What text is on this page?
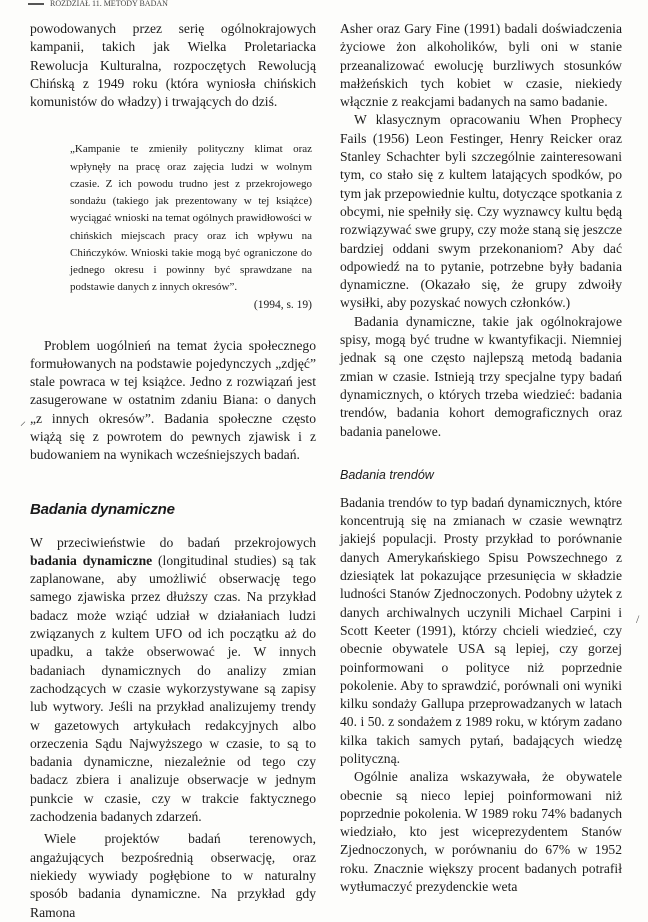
ROZDZIAŁ 11. METODY BADAŃ

powodowanych przez serię ogólnokrajowych kampanii, takich jak Wielka Proletariacka Rewolucja Kulturalna, rozpoczętych Rewolucją Chińską z 1949 roku (która wyniosła chińskich komunistów do władzy) i trwających do dziś.

„Kampanie te zmieniły polityczny klimat oraz wpłynęły na pracę oraz zajęcia ludzi w wolnym czasie. Z ich powodu trudno jest z przekrojowego sondażu (takiego jak prezentowany w tej książce) wyciągać wnioski na temat ogólnych prawidłowości w chińskich miejscach pracy oraz ich wpływu na Chińczyków. Wnioski takie mogą być ograniczone do jednego okresu i powinny być sprawdzane na podstawie danych z innych okresów”.

(1994, s. 19)

Problem uogólnień na temat życia społecznego formułowanych na podstawie pojedynczych „zdjęć” stale powraca w tej książce. Jedno z rozwiązań jest zasugerowane w ostatnim zdaniu Biana: o danych „z innych okresów”. Badania społeczne często wiążą się z powrotem do pewnych zjawisk i z budowaniem na wynikach wcześniejszych badań.

Badania dynamiczne

W przeciwieństwie do badań przekrojowych badania dynamiczne (longitudinal studies) są tak zaplanowane, aby umożliwić obserwację tego samego zjawiska przez dłuższy czas. Na przykład badacz może wziąć udział w działaniach ludzi związanych z kultem UFO od ich początku aż do upadku, a także obserwować je. W innych badaniach dynamicznych do analizy zmian zachodzących w czasie wykorzystywane są zapisy lub wytwory. Jeśli na przykład analizujemy trendy w gazetowych artykułach redakcyjnych albo orzeczenia Sądu Najwyższego w czasie, to są to badania dynamiczne, niezależnie od tego czy badacz zbiera i analizuje obserwacje w jednym punkcie w czasie, czy w trakcie faktycznego zachodzenia badanych zdarzeń.

Wiele projektów badań terenowych, angażujących bezpośrednią obserwację, oraz niekiedy wywiady pogłębione to w naturalny sposób badania dynamiczne. Na przykład gdy Ramona

Asher oraz Gary Fine (1991) badali doświadczenia życiowe żon alkoholików, byli oni w stanie przeanalizować ewolucję burzliwych stosunków małżeńskich tych kobiet w czasie, niekiedy włącznie z reakcjami badanych na samo badanie.

W klasycznym opracowaniu When Prophecy Fails (1956) Leon Festinger, Henry Reicker oraz Stanley Schachter byli szczególnie zainteresowani tym, co stało się z kultem latających spodków, po tym jak przepowiednie kultu, dotyczące spotkania z obcymi, nie spełniły się. Czy wyznawcy kultu będą rozwiązywać swe grupy, czy może staną się jeszcze bardziej oddani swym przekonaniom? Aby dać odpowiedź na to pytanie, potrzebne były badania dynamiczne. (Okazało się, że grupy zdwoiły wysiłki, aby pozyskać nowych członków.)

Badania dynamiczne, takie jak ogólnokrajowe spisy, mogą być trudne w kwantyfikacji. Niemniej jednak są one często najlepszą metodą badania zmian w czasie. Istnieją trzy specjalne typy badań dynamicznych, o których trzeba wiedzieć: badania trendów, badania kohort demograficznych oraz badania panelowe.

Badania trendów

Badania trendów to typ badań dynamicznych, które koncentrują się na zmianach w czasie wewnątrz jakiejś populacji. Prosty przykład to porównanie danych Amerykańskiego Spisu Powszechnego z dziesiątek lat pokazujące przesunięcia w składzie ludności Stanów Zjednoczonych. Podobny użytek z danych archiwalnych uczynili Michael Carpini i Scott Keeter (1991), którzy chcieli wiedzieć, czy obecnie obywatele USA są lepiej, czy gorzej poinformowani o polityce niż poprzednie pokolenie. Aby to sprawdzić, porównali oni wyniki kilku sondaży Gallupa przeprowadzanych w latach 40. i 50. z sondażem z 1989 roku, w którym zadano kilka takich samych pytań, badających wiedzę polityczną.

Ogólnie analiza wskazywała, że obywatele obecnie są nieco lepiej poinformowani niż poprzednie pokolenia. W 1989 roku 74% badanych wiedziało, kto jest wiceprezydentem Stanów Zjednoczonych, w porównaniu do 67% w 1952 roku. Znacznie większy procent badanych potrafił wytłumaczyć prezydenckie weta

⸝
/
